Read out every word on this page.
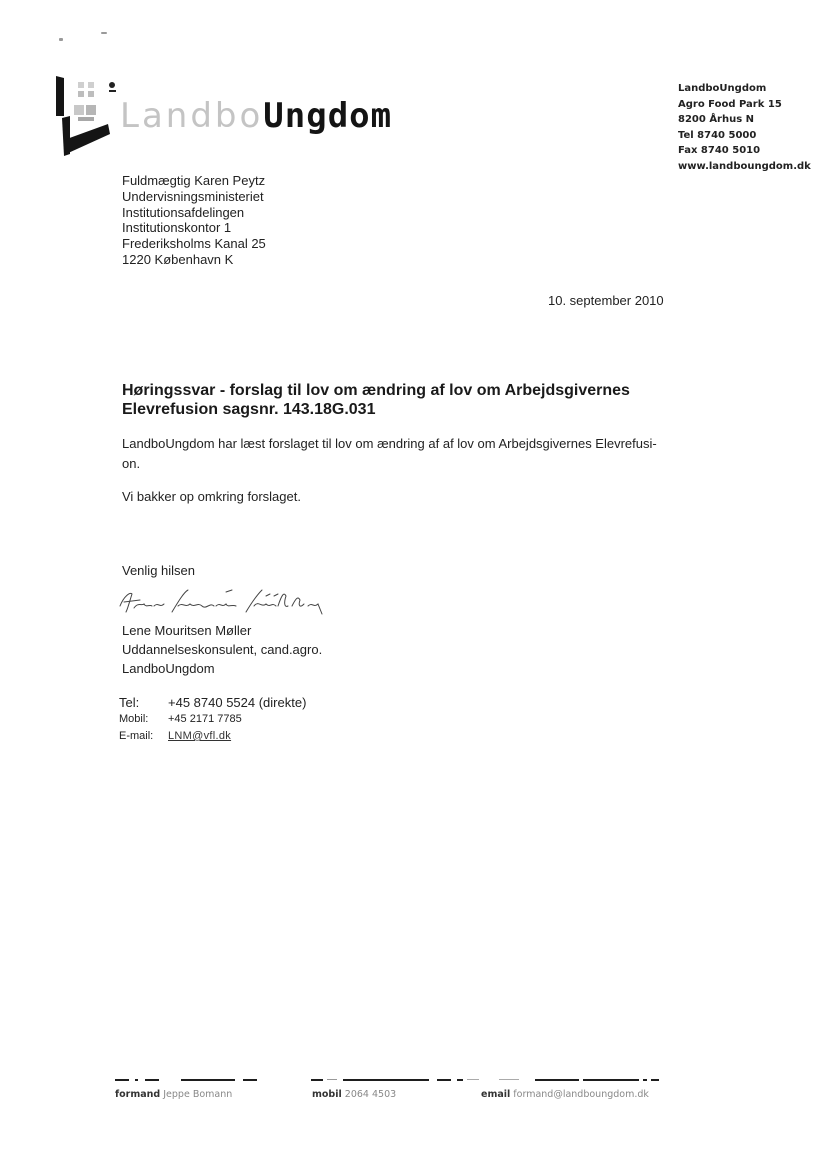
LandboUngdom
LandboUngdom
Agro Food Park 15
8200 Århus N
Tel 8740 5000
Fax 8740 5010
www.landboungdom.dk
Fuldmægtig Karen Peytz
Undervisningsministeriet
Institutionsafdelingen
Institutionskontor 1
Frederiksholms Kanal 25
1220 København K
10. september 2010
Høringssvar - forslag til lov om ændring af lov om Arbejdsgivernes Elevrefusion sagsnr. 143.18G.031
LandboUngdom har læst forslaget til lov om ændring af af lov om Arbejdsgivernes Elevrefusi-on.
Vi bakker op omkring forslaget.
Venlig hilsen
Lene Mouritsen Møller
Uddannelseskonsulent, cand.agro.
LandboUngdom
Tel: +45 8740 5524 (direkte)
Mobil: +45 2171 7785
E-mail: LNM@vfl.dk
formand Jeppe Bomann	mobil 2064 4503	email formand@landboungdom.dk
